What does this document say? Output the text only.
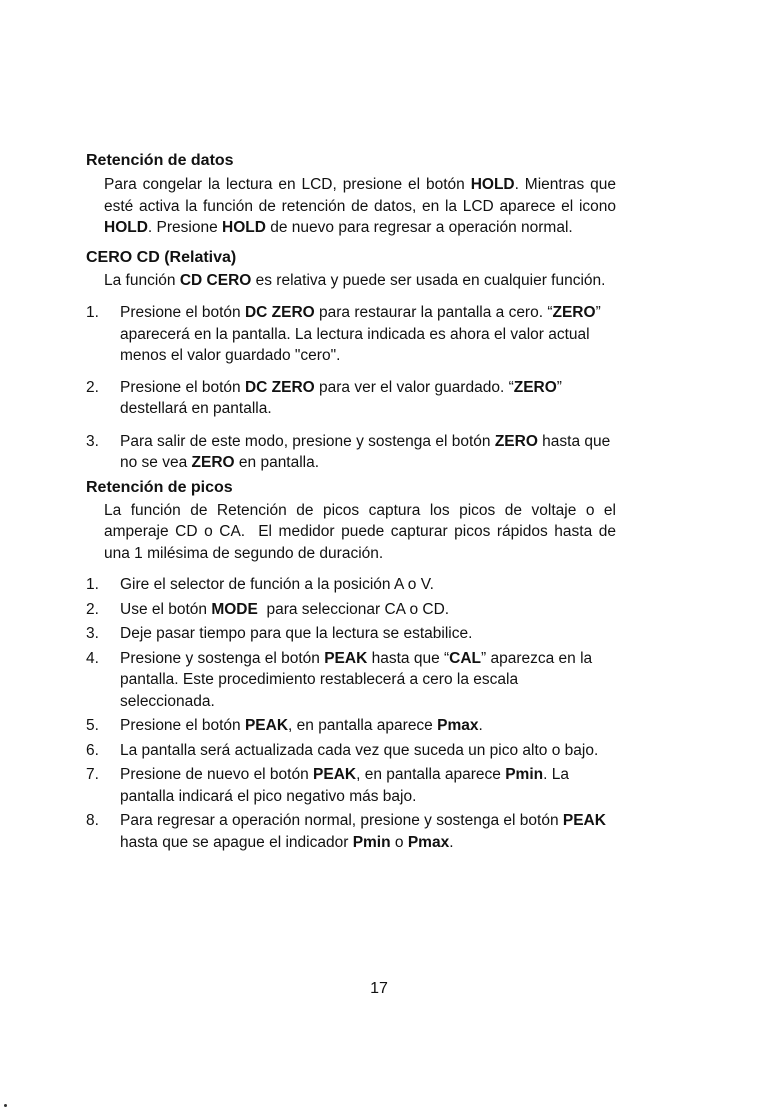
Retención de datos

Para congelar la lectura en LCD, presione el botón HOLD. Mientras que esté activa la función de retención de datos, en la LCD aparece el icono HOLD. Presione HOLD de nuevo para regresar a operación normal.

CERO CD (Relativa)

La función CD CERO es relativa y puede ser usada en cualquier función.

1. Presione el botón DC ZERO para restaurar la pantalla a cero. “ZERO” aparecerá en la pantalla. La lectura indicada es ahora el valor actual menos el valor guardado "cero".
2. Presione el botón DC ZERO para ver el valor guardado. “ZERO” destellará en pantalla.
3. Para salir de este modo, presione y sostenga el botón ZERO hasta que no se vea ZERO en pantalla.
Retención de picos

La función de Retención de picos captura los picos de voltaje o el amperaje CD o CA.  El medidor puede capturar picos rápidos hasta de una 1 milésima de segundo de duración.

1. Gire el selector de función a la posición A o V.
2. Use el botón MODE  para seleccionar CA o CD.
3. Deje pasar tiempo para que la lectura se estabilice.
4. Presione y sostenga el botón PEAK hasta que “CAL” aparezca en la pantalla. Este procedimiento restablecerá a cero la escala seleccionada.
5. Presione el botón PEAK, en pantalla aparece Pmax.
6. La pantalla será actualizada cada vez que suceda un pico alto o bajo.
7. Presione de nuevo el botón PEAK, en pantalla aparece Pmin. La pantalla indicará el pico negativo más bajo.
8. Para regresar a operación normal, presione y sostenga el botón PEAK hasta que se apague el indicador Pmin o Pmax.
17
